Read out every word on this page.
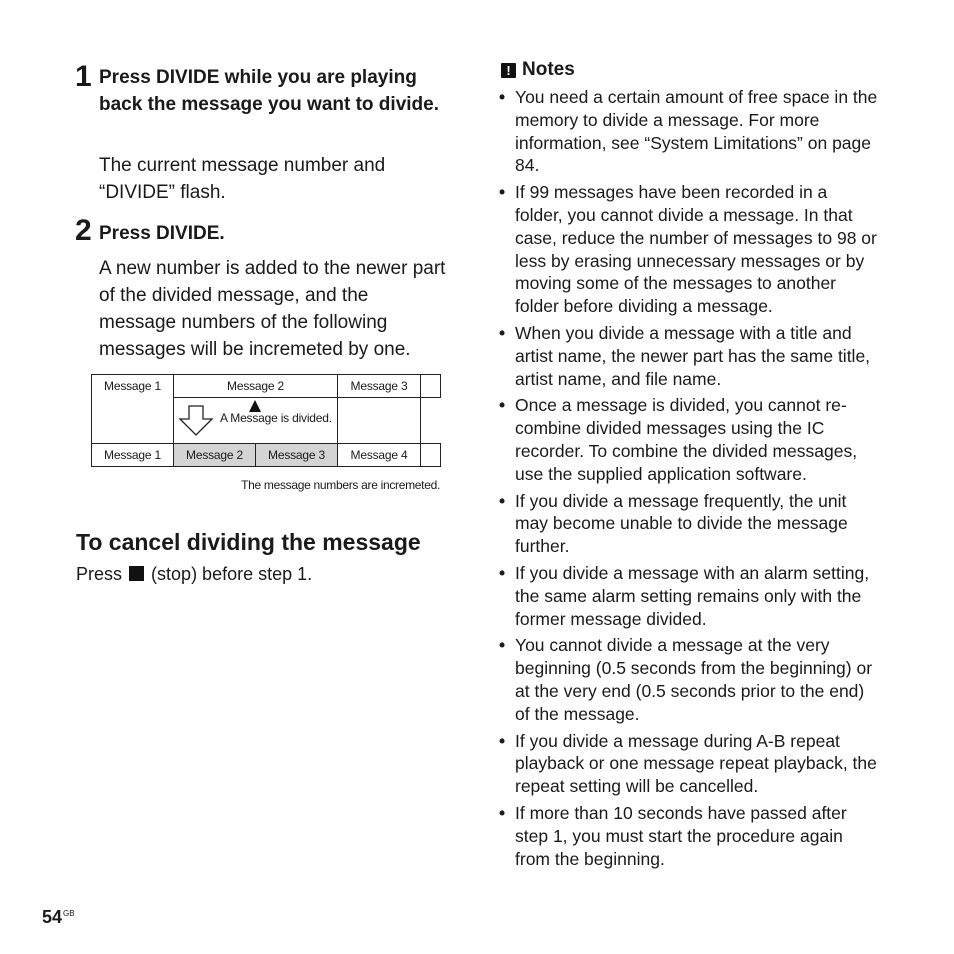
1 Press DIVIDE while you are playing back the message you want to divide.
The current message number and “DIVIDE” flash.
2 Press DIVIDE.
A new number is added to the newer part of the divided message, and the message numbers of the following messages will be incremeted by one.
Message 1	Message 2	Message 3
A Message is divided.
Message 1	Message 2	Message 3	Message 4
The message numbers are incremeted.
To cancel dividing the message
Press (stop) before step 1.
! Notes
• You need a certain amount of free space in the memory to divide a message. For more information, see “System Limitations” on page 84.
• If 99 messages have been recorded in a folder, you cannot divide a message. In that case, reduce the number of messages to 98 or less by erasing unnecessary messages or by moving some of the messages to another folder before dividing a message.
• When you divide a message with a title and artist name, the newer part has the same title, artist name, and file name.
• Once a message is divided, you cannot re-combine divided messages using the IC recorder. To combine the divided messages, use the supplied application software.
• If you divide a message frequently, the unit may become unable to divide the message further.
• If you divide a message with an alarm setting, the same alarm setting remains only with the former message divided.
• You cannot divide a message at the very beginning (0.5 seconds from the beginning) or at the very end (0.5 seconds prior to the end) of the message.
• If you divide a message during A-B repeat playback or one message repeat playback, the repeat setting will be cancelled.
• If more than 10 seconds have passed after step 1, you must start the procedure again from the beginning.
$54^{GB}$
